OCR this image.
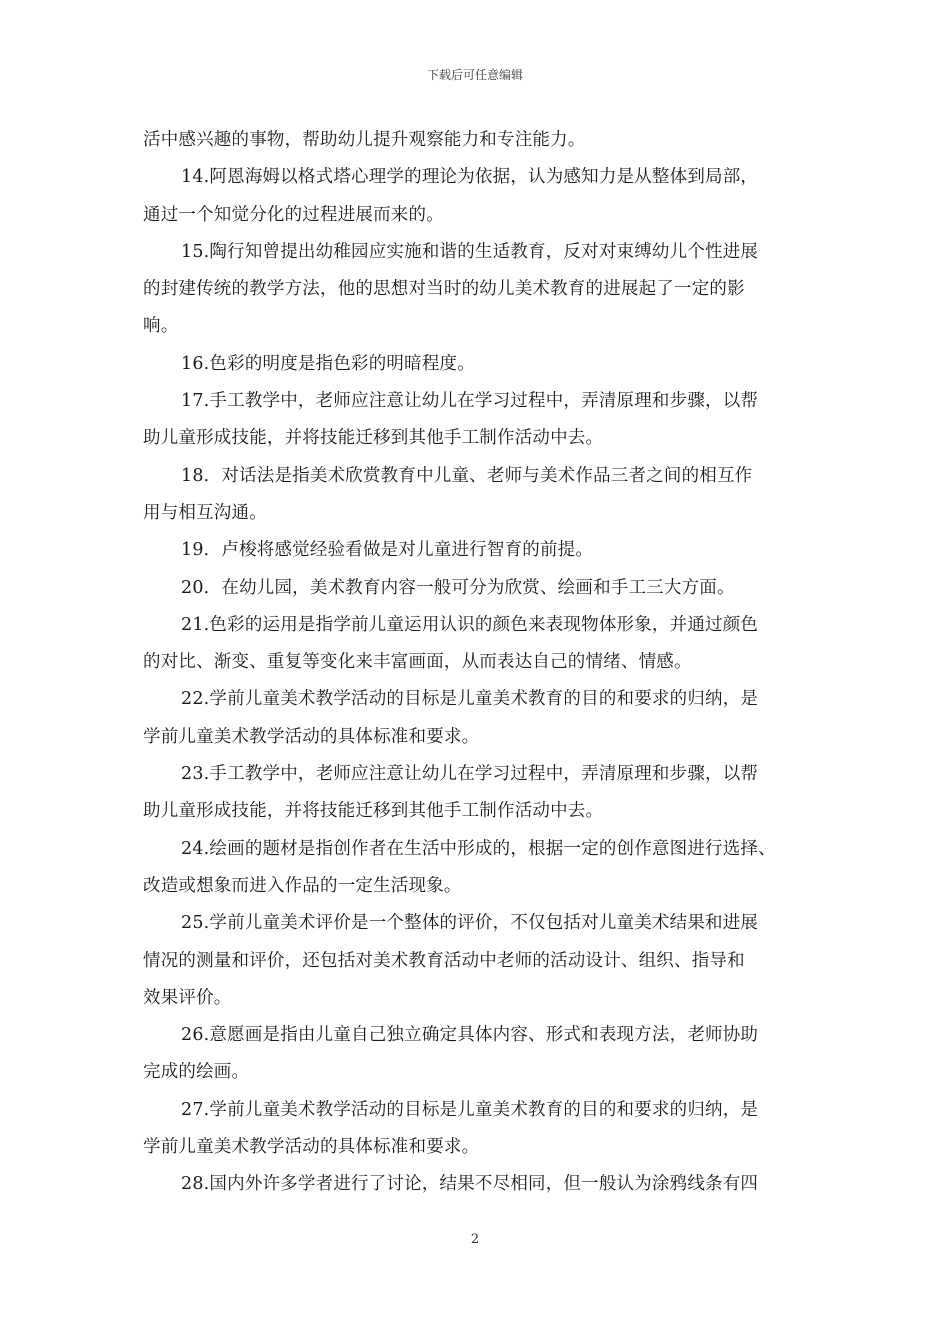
下载后可任意编辑
活中感兴趣的事物，帮助幼儿提升观察能力和专注能力。
14.阿恩海姆以格式塔心理学的理论为依据，认为感知力是从整体到局部，
通过一个知觉分化的过程进展而来的。
15.陶行知曾提出幼稚园应实施和谐的生适教育，反对对束缚幼儿个性进展
的封建传统的教学方法，他的思想对当时的幼儿美术教育的进展起了一定的影
响。
16.色彩的明度是指色彩的明暗程度。
17.手工教学中，老师应注意让幼儿在学习过程中，弄清原理和步骤，以帮
助儿童形成技能，并将技能迁移到其他手工制作活动中去。
18．对话法是指美术欣赏教育中儿童、老师与美术作品三者之间的相互作
用与相互沟通。
19．卢梭将感觉经验看做是对儿童进行智育的前提。
20．在幼儿园，美术教育内容一般可分为欣赏、绘画和手工三大方面。
21.色彩的运用是指学前儿童运用认识的颜色来表现物体形象，并通过颜色
的对比、渐变、重复等变化来丰富画面，从而表达自己的情绪、情感。
22.学前儿童美术教学活动的目标是儿童美术教育的目的和要求的归纳，是
学前儿童美术教学活动的具体标准和要求。
23.手工教学中，老师应注意让幼儿在学习过程中，弄清原理和步骤，以帮
助儿童形成技能，并将技能迁移到其他手工制作活动中去。
24.绘画的题材是指创作者在生活中形成的，根据一定的创作意图进行选择、
改造或想象而进入作品的一定生活现象。
25.学前儿童美术评价是一个整体的评价，不仅包括对儿童美术结果和进展
情况的测量和评价，还包括对美术教育活动中老师的活动设计、组织、指导和
效果评价。
26.意愿画是指由儿童自己独立确定具体内容、形式和表现方法，老师协助
完成的绘画。
27.学前儿童美术教学活动的目标是儿童美术教育的目的和要求的归纳，是
学前儿童美术教学活动的具体标准和要求。
28.国内外许多学者进行了讨论，结果不尽相同，但一般认为涂鸦线条有四
2
